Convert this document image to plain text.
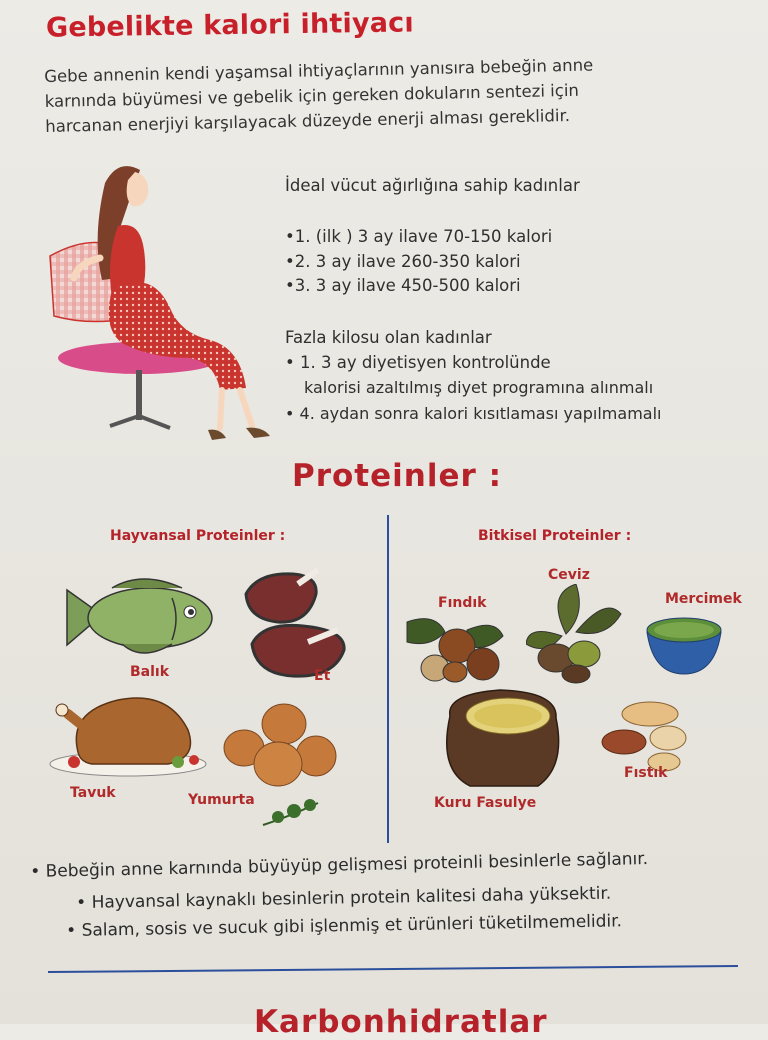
Gebelikte kalori ihtiyacı
Gebe annenin kendi yaşamsal ihtiyaçlarının yanısıra bebeğin anne
karnında büyümesi ve gebelik için gereken dokuların sentezi için
harcanan enerjiyi karşılayacak düzeyde enerji alması gereklidir.
İdeal vücut ağırlığına sahip kadınlar
•1. (ilk ) 3 ay ilave 70-150 kalori
•2. 3 ay ilave 260-350 kalori
•3. 3 ay ilave 450-500 kalori
Fazla kilosu olan kadınlar
• 1. 3 ay diyetisyen kontrolünde
kalorisi azaltılmış diyet programına alınmalı
• 4. aydan sonra kalori kısıtlaması yapılmamalı
Proteinler :
Hayvansal Proteinler :	Bitkisel Proteinler :
Balık	Et
Tavuk	Yumurta
Ceviz
Fındık	Mercimek
Kuru Fasulye
Fıstık
• Bebeğin anne karnında büyüyüp gelişmesi proteinli besinlerle sağlanır.
• Hayvansal kaynaklı besinlerin protein kalitesi daha yüksektir.
• Salam, sosis ve sucuk gibi işlenmiş et ürünleri tüketilmemelidir.
Karbonhidratlar
